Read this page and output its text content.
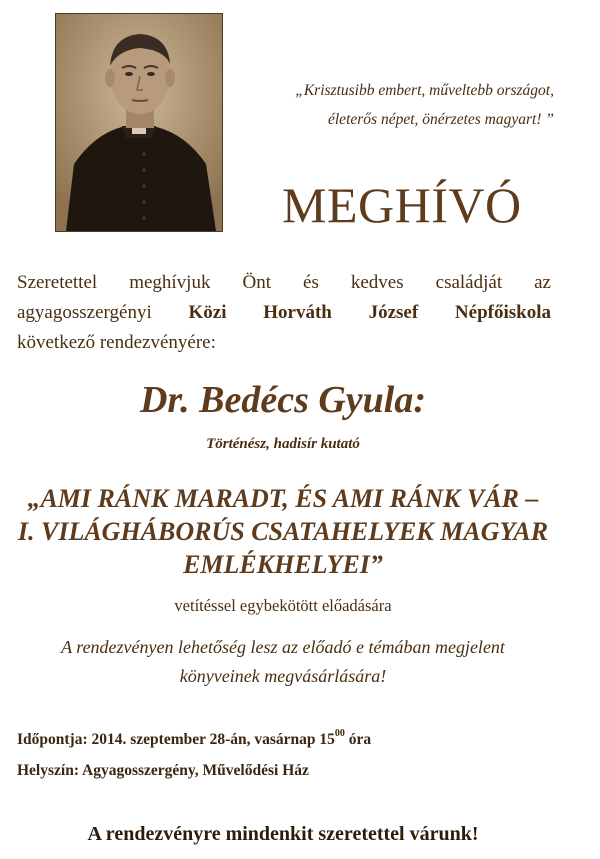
„Krisztusibb embert, műveltebb országot,
életerős népet, önérzetes magyart! ”
MEGHÍVÓ
Szeretettel meghívjuk Önt és kedves családját az
agyagosszergényi Közi Horváth József Népfőiskola
következő rendezvényére:
Dr. Bedécs Gyula:
Történész, hadisír kutató
„AMI RÁNK MARADT, ÉS AMI RÁNK VÁR –
I. VILÁGHÁBORÚS CSATAHELYEK MAGYAR
EMLÉKHELYEI”
vetítéssel egybekötött előadására
A rendezvényen lehetőség lesz az előadó e témában megjelent
könyveinek megvásárlására!
Időpontja: 2014. szeptember 28-án, vasárnap $15^{00}$ óra
Helyszín: Agyagosszergény, Művelődési Ház
A rendezvényre mindenkit szeretettel várunk!
